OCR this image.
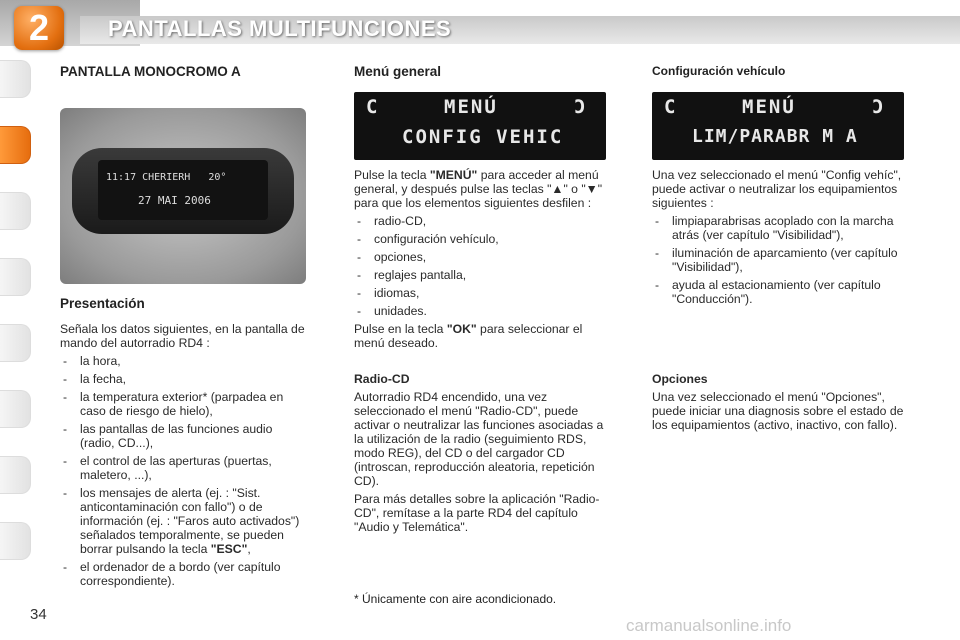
2	PANTALLAS MULTIFUNCIONES
PANTALLA MONOCROMO A
11:17 CHERIERH   20°
27 MAI 2006
Presentación

Señala los datos siguientes, en la pantalla de mando del autorradio RD4 :

- la hora,
- la fecha,
- la temperatura exterior* (parpadea en caso de riesgo de hielo),
- las pantallas de las funciones audio (radio, CD...),
- el control de las aperturas (puertas, maletero, ...),
- los mensajes de alerta (ej. : "Sist. anticontaminación con fallo") o de información (ej. : "Faros auto activados") señalados temporalmente, se pueden borrar pulsando la tecla "ESC",
- el ordenador de a bordo (ver capítulo correspondiente).
Menú general
C	MENÚ	Ɔ
CONFIG VEHIC

Pulse la tecla "MENÚ" para acceder al menú general, y después pulse las teclas "▲" o "▼" para que los elementos siguientes desfilen :

- radio-CD,
- configuración vehículo,
- opciones,
- reglajes pantalla,
- idiomas,
- unidades.

Pulse en la tecla "OK" para seleccionar el menú deseado.

Radio-CD

Autorradio RD4 encendido, una vez seleccionado el menú "Radio-CD", puede activar o neutralizar las funciones asociadas a la utilización de la radio (seguimiento RDS, modo REG), del CD o del cargador CD (introscan, reproducción aleatoria, repetición CD).

Para más detalles sobre la aplicación "Radio-CD", remítase a la parte RD4 del capítulo "Audio y Telemática".

Configuración vehículo
C	MENÚ	Ɔ
LIM/PARABR M A

Una vez seleccionado el menú "Config vehíc", puede activar o neutralizar los equipamientos siguientes :

- limpiaparabrisas acoplado con la marcha atrás (ver capítulo "Visibilidad"),
- iluminación de aparcamiento (ver capítulo "Visibilidad"),
- ayuda al estacionamiento (ver capítulo "Conducción").

Opciones

Una vez seleccionado el menú "Opciones", puede iniciar una diagnosis sobre el estado de los equipamientos (activo, inactivo, con fallo).

* Únicamente con aire acondicionado.
34
carmanualsonline.info
